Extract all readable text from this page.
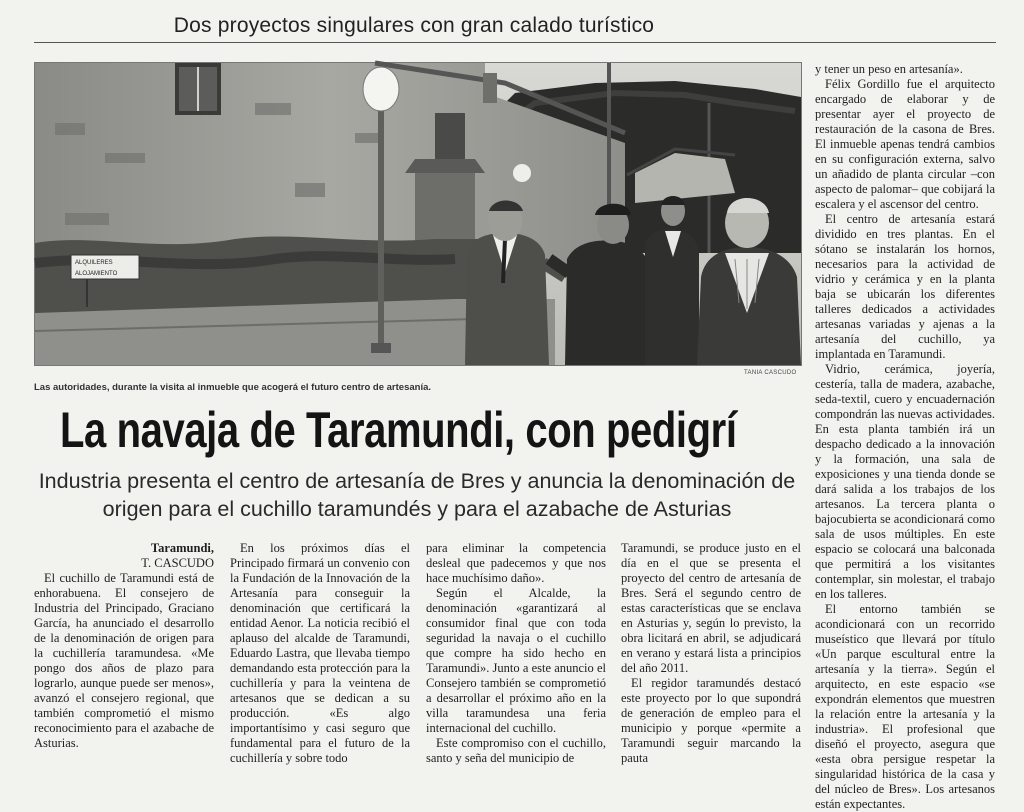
Dos proyectos singulares con gran calado turístico
ALQUILERES
ALOJAMIENTO
TANIA CASCUDO
Las autoridades, durante la visita al inmueble que acogerá el futuro centro de artesanía.
La navaja de Taramundi, con pedigrí
Industria presenta el centro de artesanía de Bres y anuncia la denominación de origen para el cuchillo taramundés y para el azabache de Asturias
Taramundi,
T. CASCUDO

El cuchillo de Taramundi está de enhorabuena. El consejero de Industria del Principado, Graciano García, ha anunciado el desarrollo de la denominación de origen para la cuchillería taramundesa. «Me pongo dos años de plazo para lograrlo, aunque puede ser menos», avanzó el consejero regional, que también comprometió el mismo reconocimiento para el azabache de Asturias.

En los próximos días el Principado firmará un convenio con la Fundación de la Innovación de la Artesanía para conseguir la denominación que certificará la entidad Aenor. La noticia recibió el aplauso del alcalde de Taramundi, Eduardo Lastra, que llevaba tiempo demandando esta protección para la cuchillería y para la veintena de artesanos que se dedican a su producción. «Es algo importantísimo y casi seguro que fundamental para el futuro de la cuchillería y sobre todo

para eliminar la competencia desleal que padecemos y que nos hace muchísimo daño».

Según el Alcalde, la denominación «garantizará al consumidor final que con toda seguridad la navaja o el cuchillo que compre ha sido hecho en Taramundi». Junto a este anuncio el Consejero también se comprometió a desarrollar el próximo año en la villa taramundesa una feria internacional del cuchillo.

Este compromiso con el cuchillo, santo y seña del municipio de

Taramundi, se produce justo en el día en el que se presenta el proyecto del centro de artesanía de Bres. Será el segundo centro de estas características que se enclava en Asturias y, según lo previsto, la obra licitará en abril, se adjudicará en verano y estará lista a principios del año 2011.

El regidor taramundés destacó este proyecto por lo que supondrá de generación de empleo para el municipio y porque «permite a Taramundi seguir marcando la pauta

y tener un peso en artesanía».

Félix Gordillo fue el arquitecto encargado de elaborar y de presentar ayer el proyecto de restauración de la casona de Bres. El inmueble apenas tendrá cambios en su configuración externa, salvo un añadido de planta circular –con aspecto de palomar– que cobijará la escalera y el ascensor del centro.

El centro de artesanía estará dividido en tres plantas. En el sótano se instalarán los hornos, necesarios para la actividad de vidrio y cerámica y en la planta baja se ubicarán los diferentes talleres dedicados a actividades artesanas variadas y ajenas a la artesanía del cuchillo, ya implantada en Taramundi.

Vidrio, cerámica, joyería, cestería, talla de madera, azabache, seda-textil, cuero y encuadernación compondrán las nuevas actividades. En esta planta también irá un despacho dedicado a la innovación y la formación, una sala de exposiciones y una tienda donde se dará salida a los trabajos de los artesanos. La tercera planta o bajocubierta se acondicionará como sala de usos múltiples. En este espacio se colocará una balconada que permitirá a los visitantes contemplar, sin molestar, el trabajo en los talleres.

El entorno también se acondicionará con un recorrido museístico que llevará por título «Un parque escultural entre la artesanía y la tierra». Según el arquitecto, en este espacio «se expondrán elementos que muestren la relación entre la artesanía y la industria». El profesional que diseñó el proyecto, asegura que «esta obra persigue respetar la singularidad histórica de la casa y del núcleo de Bres». Los artesanos están expectantes.
